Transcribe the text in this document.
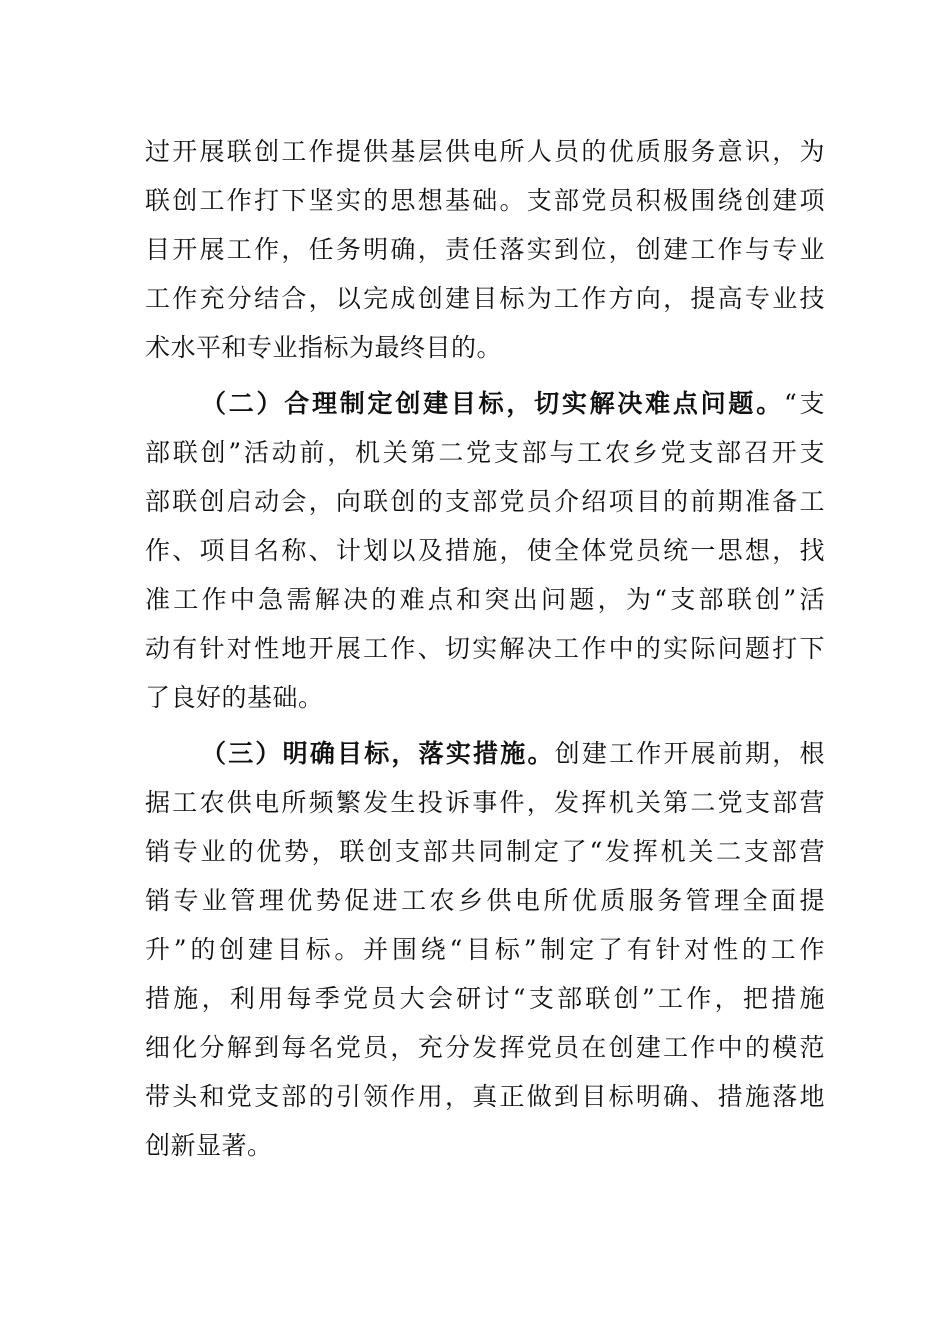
过开展联创工作提供基层供电所人员的优质服务意识，为
联创工作打下坚实的思想基础。支部党员积极围绕创建项
目开展工作，任务明确，责任落实到位，创建工作与专业
工作充分结合，以完成创建目标为工作方向，提高专业技
术水平和专业指标为最终目的。
（二）合理制定创建目标，切实解决难点问题。“支
部联创”活动前，机关第二党支部与工农乡党支部召开支
部联创启动会，向联创的支部党员介绍项目的前期准备工
作、项目名称、计划以及措施，使全体党员统一思想，找
准工作中急需解决的难点和突出问题，为“支部联创”活
动有针对性地开展工作、切实解决工作中的实际问题打下
了良好的基础。
（三）明确目标，落实措施。创建工作开展前期，根
据工农供电所频繁发生投诉事件，发挥机关第二党支部营
销专业的优势，联创支部共同制定了“发挥机关二支部营
销专业管理优势促进工农乡供电所优质服务管理全面提
升”的创建目标。并围绕“目标”制定了有针对性的工作
措施，利用每季党员大会研讨“支部联创”工作，把措施
细化分解到每名党员，充分发挥党员在创建工作中的模范
带头和党支部的引领作用，真正做到目标明确、措施落地
创新显著。
